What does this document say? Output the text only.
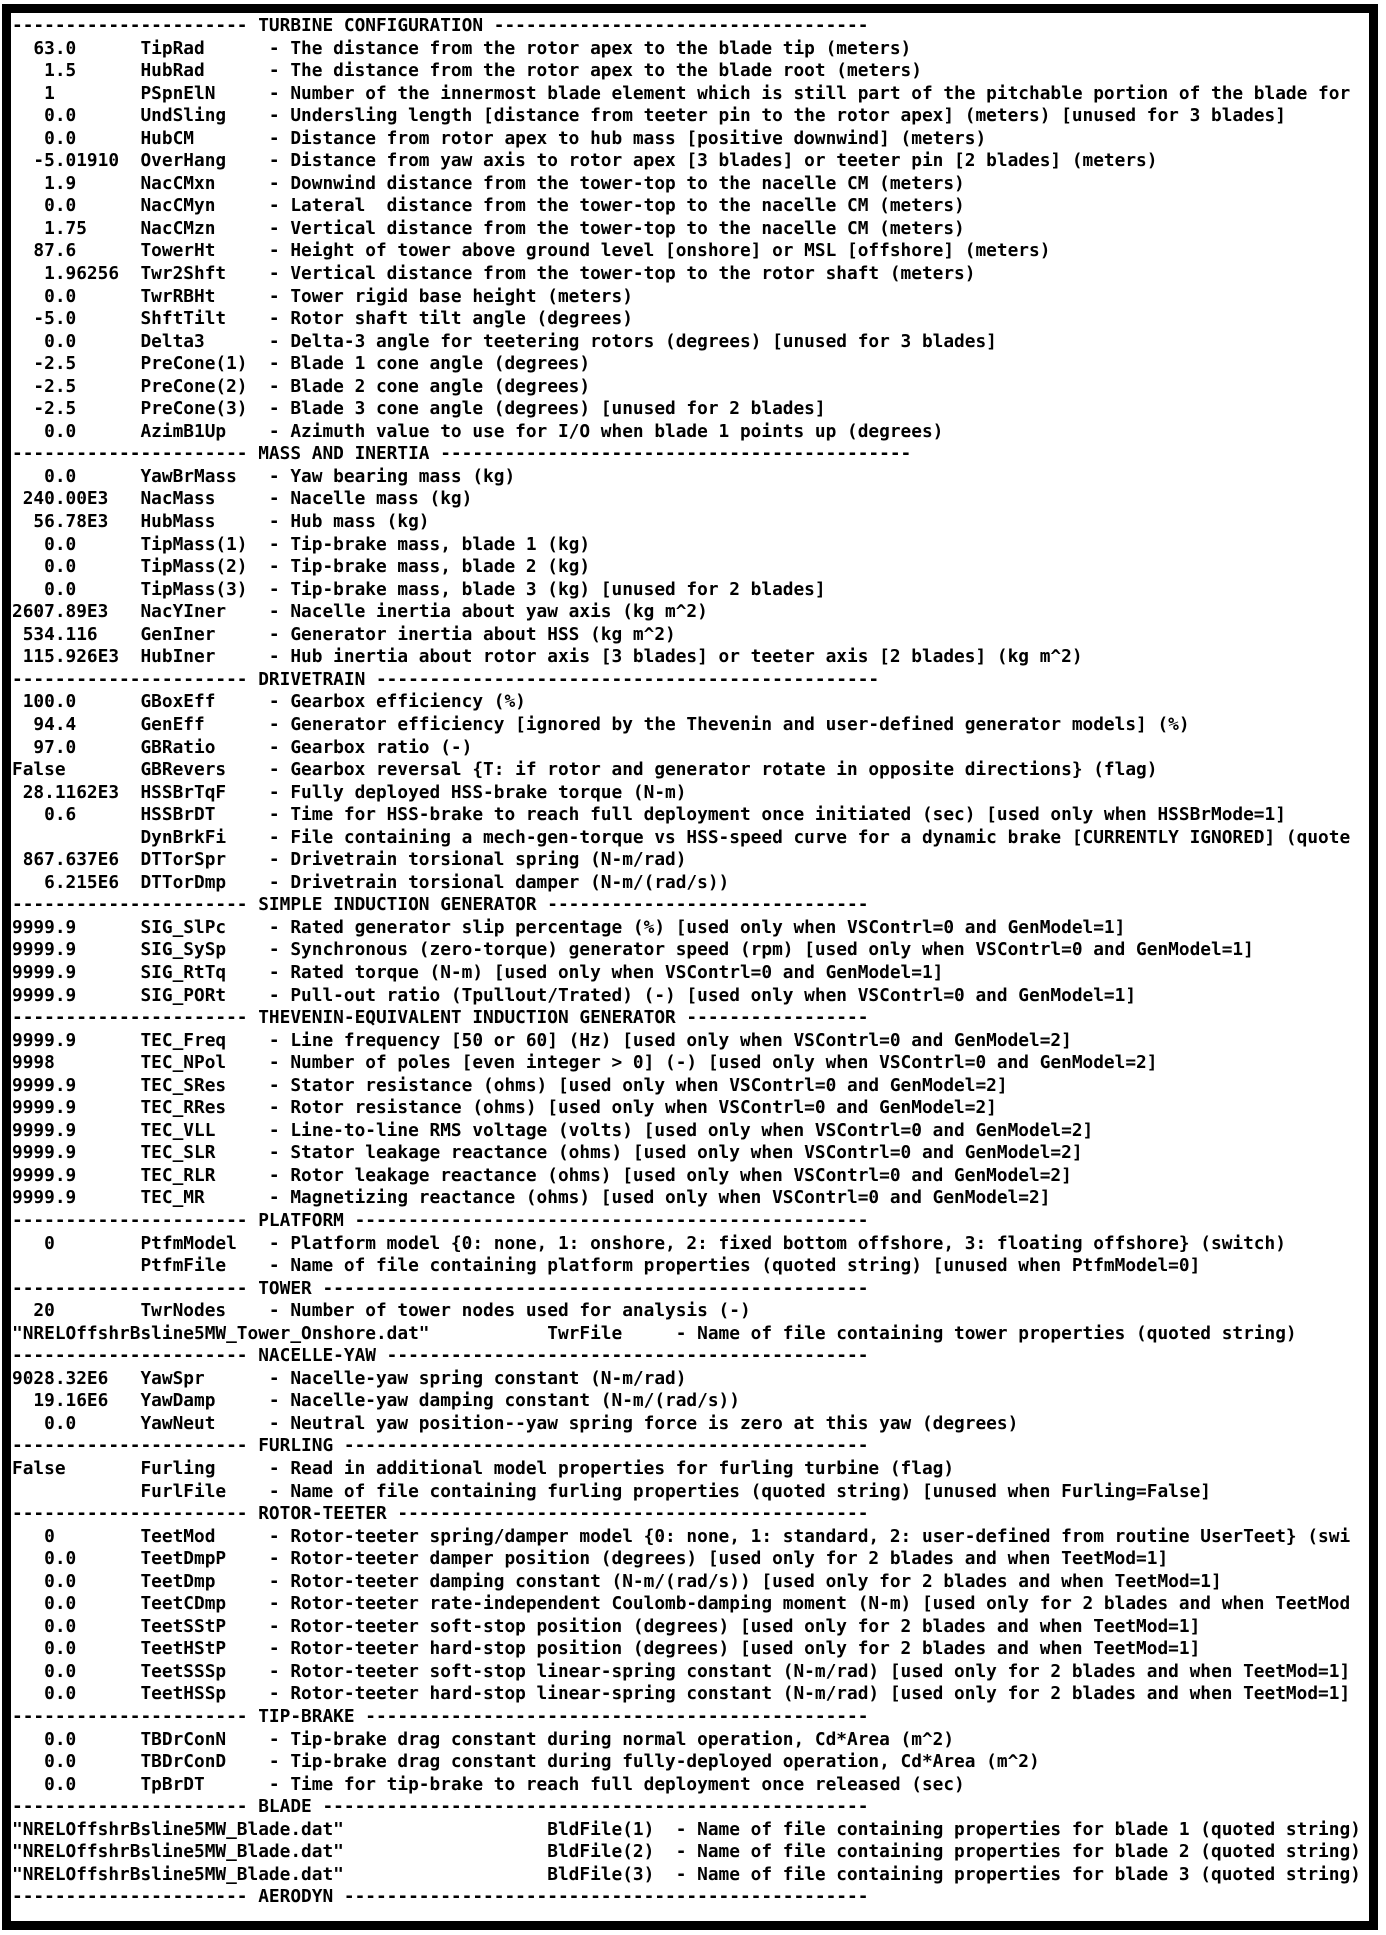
---------------------- TURBINE CONFIGURATION -----------------------------------
63.0      TipRad      - The distance from the rotor apex to the blade tip (meters)
1.5      HubRad      - The distance from the rotor apex to the blade root (meters)
1        PSpnElN     - Number of the innermost blade element which is still part of the pitchable portion of the blade for
0.0      UndSling    - Undersling length [distance from teeter pin to the rotor apex] (meters) [unused for 3 blades]
0.0      HubCM       - Distance from rotor apex to hub mass [positive downwind] (meters)
-5.01910  OverHang    - Distance from yaw axis to rotor apex [3 blades] or teeter pin [2 blades] (meters)
1.9      NacCMxn     - Downwind distance from the tower-top to the nacelle CM (meters)
0.0      NacCMyn     - Lateral  distance from the tower-top to the nacelle CM (meters)
1.75     NacCMzn     - Vertical distance from the tower-top to the nacelle CM (meters)
87.6      TowerHt     - Height of tower above ground level [onshore] or MSL [offshore] (meters)
1.96256  Twr2Shft    - Vertical distance from the tower-top to the rotor shaft (meters)
0.0      TwrRBHt     - Tower rigid base height (meters)
-5.0      ShftTilt    - Rotor shaft tilt angle (degrees)
0.0      Delta3      - Delta-3 angle for teetering rotors (degrees) [unused for 3 blades]
-2.5      PreCone(1)  - Blade 1 cone angle (degrees)
-2.5      PreCone(2)  - Blade 2 cone angle (degrees)
-2.5      PreCone(3)  - Blade 3 cone angle (degrees) [unused for 2 blades]
0.0      AzimB1Up    - Azimuth value to use for I/O when blade 1 points up (degrees)
---------------------- MASS AND INERTIA --------------------------------------------
0.0      YawBrMass   - Yaw bearing mass (kg)
240.00E3   NacMass     - Nacelle mass (kg)
56.78E3   HubMass     - Hub mass (kg)
0.0      TipMass(1)  - Tip-brake mass, blade 1 (kg)
0.0      TipMass(2)  - Tip-brake mass, blade 2 (kg)
0.0      TipMass(3)  - Tip-brake mass, blade 3 (kg) [unused for 2 blades]
2607.89E3   NacYIner    - Nacelle inertia about yaw axis (kg m^2)
534.116    GenIner     - Generator inertia about HSS (kg m^2)
115.926E3  HubIner     - Hub inertia about rotor axis [3 blades] or teeter axis [2 blades] (kg m^2)
---------------------- DRIVETRAIN -----------------------------------------------
100.0      GBoxEff     - Gearbox efficiency (%)
94.4      GenEff      - Generator efficiency [ignored by the Thevenin and user-defined generator models] (%)
97.0      GBRatio     - Gearbox ratio (-)
False       GBRevers    - Gearbox reversal {T: if rotor and generator rotate in opposite directions} (flag)
28.1162E3  HSSBrTqF    - Fully deployed HSS-brake torque (N-m)
0.6      HSSBrDT     - Time for HSS-brake to reach full deployment once initiated (sec) [used only when HSSBrMode=1]
DynBrkFi    - File containing a mech-gen-torque vs HSS-speed curve for a dynamic brake [CURRENTLY IGNORED] (quote
867.637E6  DTTorSpr    - Drivetrain torsional spring (N-m/rad)
6.215E6  DTTorDmp    - Drivetrain torsional damper (N-m/(rad/s))
---------------------- SIMPLE INDUCTION GENERATOR ------------------------------
9999.9      SIG_SlPc    - Rated generator slip percentage (%) [used only when VSContrl=0 and GenModel=1]
9999.9      SIG_SySp    - Synchronous (zero-torque) generator speed (rpm) [used only when VSContrl=0 and GenModel=1]
9999.9      SIG_RtTq    - Rated torque (N-m) [used only when VSContrl=0 and GenModel=1]
9999.9      SIG_PORt    - Pull-out ratio (Tpullout/Trated) (-) [used only when VSContrl=0 and GenModel=1]
---------------------- THEVENIN-EQUIVALENT INDUCTION GENERATOR -----------------
9999.9      TEC_Freq    - Line frequency [50 or 60] (Hz) [used only when VSContrl=0 and GenModel=2]
9998        TEC_NPol    - Number of poles [even integer > 0] (-) [used only when VSContrl=0 and GenModel=2]
9999.9      TEC_SRes    - Stator resistance (ohms) [used only when VSContrl=0 and GenModel=2]
9999.9      TEC_RRes    - Rotor resistance (ohms) [used only when VSContrl=0 and GenModel=2]
9999.9      TEC_VLL     - Line-to-line RMS voltage (volts) [used only when VSContrl=0 and GenModel=2]
9999.9      TEC_SLR     - Stator leakage reactance (ohms) [used only when VSContrl=0 and GenModel=2]
9999.9      TEC_RLR     - Rotor leakage reactance (ohms) [used only when VSContrl=0 and GenModel=2]
9999.9      TEC_MR      - Magnetizing reactance (ohms) [used only when VSContrl=0 and GenModel=2]
---------------------- PLATFORM ------------------------------------------------
0        PtfmModel   - Platform model {0: none, 1: onshore, 2: fixed bottom offshore, 3: floating offshore} (switch)
PtfmFile    - Name of file containing platform properties (quoted string) [unused when PtfmModel=0]
---------------------- TOWER ---------------------------------------------------
20        TwrNodes    - Number of tower nodes used for analysis (-)
"NRELOffshrBsline5MW_Tower_Onshore.dat"           TwrFile     - Name of file containing tower properties (quoted string)
---------------------- NACELLE-YAW ---------------------------------------------
9028.32E6   YawSpr      - Nacelle-yaw spring constant (N-m/rad)
19.16E6   YawDamp     - Nacelle-yaw damping constant (N-m/(rad/s))
0.0      YawNeut     - Neutral yaw position--yaw spring force is zero at this yaw (degrees)
---------------------- FURLING -------------------------------------------------
False       Furling     - Read in additional model properties for furling turbine (flag)
FurlFile    - Name of file containing furling properties (quoted string) [unused when Furling=False]
---------------------- ROTOR-TEETER --------------------------------------------
0        TeetMod     - Rotor-teeter spring/damper model {0: none, 1: standard, 2: user-defined from routine UserTeet} (swi
0.0      TeetDmpP    - Rotor-teeter damper position (degrees) [used only for 2 blades and when TeetMod=1]
0.0      TeetDmp     - Rotor-teeter damping constant (N-m/(rad/s)) [used only for 2 blades and when TeetMod=1]
0.0      TeetCDmp    - Rotor-teeter rate-independent Coulomb-damping moment (N-m) [used only for 2 blades and when TeetMod
0.0      TeetSStP    - Rotor-teeter soft-stop position (degrees) [used only for 2 blades and when TeetMod=1]
0.0      TeetHStP    - Rotor-teeter hard-stop position (degrees) [used only for 2 blades and when TeetMod=1]
0.0      TeetSSSp    - Rotor-teeter soft-stop linear-spring constant (N-m/rad) [used only for 2 blades and when TeetMod=1]
0.0      TeetHSSp    - Rotor-teeter hard-stop linear-spring constant (N-m/rad) [used only for 2 blades and when TeetMod=1]
---------------------- TIP-BRAKE -----------------------------------------------
0.0      TBDrConN    - Tip-brake drag constant during normal operation, Cd*Area (m^2)
0.0      TBDrConD    - Tip-brake drag constant during fully-deployed operation, Cd*Area (m^2)
0.0      TpBrDT      - Time for tip-brake to reach full deployment once released (sec)
---------------------- BLADE ---------------------------------------------------
"NRELOffshrBsline5MW_Blade.dat"                   BldFile(1)  - Name of file containing properties for blade 1 (quoted string)
"NRELOffshrBsline5MW_Blade.dat"                   BldFile(2)  - Name of file containing properties for blade 2 (quoted string)
"NRELOffshrBsline5MW_Blade.dat"                   BldFile(3)  - Name of file containing properties for blade 3 (quoted string)
---------------------- AERODYN -------------------------------------------------
